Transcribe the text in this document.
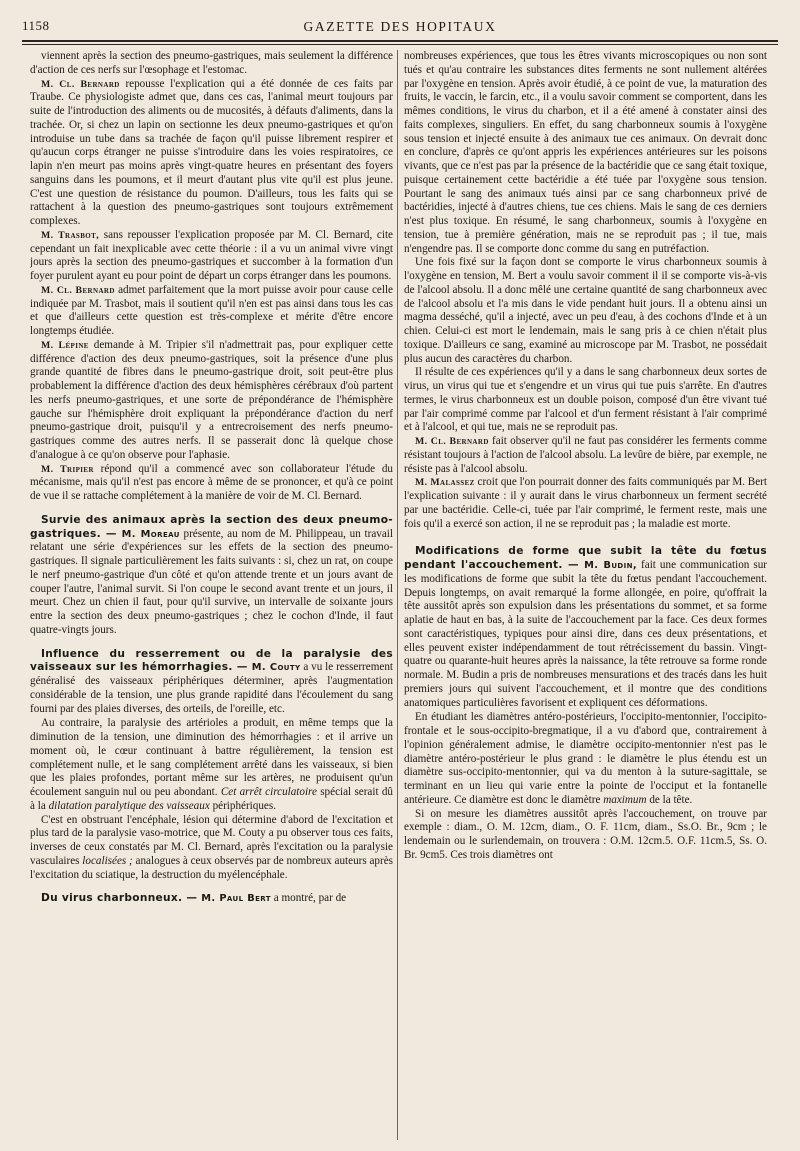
1158	GAZETTE DES HOPITAUX

viennent après la section des pneumo-gastriques, mais seulement la différence d'action de ces nerfs sur l'œsophage et l'estomac.

M. Cl. Bernard repousse l'explication qui a été donnée de ces faits par Traube. Ce physiologiste admet que, dans ces cas, l'animal meurt toujours par suite de l'introduction des aliments ou de mucosités, à défauts d'aliments, dans la trachée. Or, si chez un lapin on sectionne les deux pneumo-gastriques et qu'on introduise un tube dans sa trachée de façon qu'il puisse librement respirer et qu'aucun corps étranger ne puisse s'introduire dans les voies respiratoires, ce lapin n'en meurt pas moins après vingt-quatre heures en présentant des foyers sanguins dans les poumons, et il meurt d'autant plus vite qu'il est plus jeune. C'est une question de résistance du poumon. D'ailleurs, tous les faits qui se rattachent à la question des pneumo-gastriques sont toujours extrêmement complexes.

M. Trasbot, sans repousser l'explication proposée par M. Cl. Bernard, cite cependant un fait inexplicable avec cette théorie : il a vu un animal vivre vingt jours après la section des pneumo-gastriques et succomber à la formation d'un foyer purulent ayant eu pour point de départ un corps étranger dans les poumons.

M. Cl. Bernard admet parfaitement que la mort puisse avoir pour cause celle indiquée par M. Trasbot, mais il soutient qu'il n'en est pas ainsi dans tous les cas et que d'ailleurs cette question est très-complexe et mérite d'être encore longtemps étudiée.

M. Lépine demande à M. Tripier s'il n'admettrait pas, pour expliquer cette différence d'action des deux pneumo-gastriques, soit la présence d'une plus grande quantité de fibres dans le pneumo-gastrique droit, soit peut-être plus probablement la différence d'action des deux hémisphères cérébraux d'où partent les nerfs pneumo-gastriques, et une sorte de prépondérance de l'hémisphère gauche sur l'hémisphère droit expliquant la prépondérance d'action du nerf pneumo-gastrique droit, puisqu'il y a entrecroisement des nerfs pneumo-gastriques comme des autres nerfs. Il se passerait donc là quelque chose d'analogue à ce qu'on observe pour l'aphasie.

M. Tripier répond qu'il a commencé avec son collaborateur l'étude du mécanisme, mais qu'il n'est pas encore à même de se prononcer, et qu'à ce point de vue il se rattache complétement à la manière de voir de M. Cl. Bernard.

Survie des animaux après la section des deux pneumo-gastriques. — M. Moreau présente, au nom de M. Philippeau, un travail relatant une série d'expériences sur les effets de la section des pneumo-gastriques. Il signale particulièrement les faits suivants : si, chez un rat, on coupe le nerf pneumo-gastrique d'un côté et qu'on attende trente et un jours avant de couper l'autre, l'animal survit. Si l'on coupe le second avant trente et un jours, il meurt. Chez un chien il faut, pour qu'il survive, un intervalle de soixante jours entre la section des deux pneumo-gastriques ; chez le cochon d'Inde, il faut quatre-vingts jours.

Influence du resserrement ou de la paralysie des vaisseaux sur les hémorrhagies. — M. Couty a vu le resserrement généralisé des vaisseaux périphériques déterminer, après l'augmentation considérable de la tension, une plus grande rapidité dans l'écoulement du sang fourni par des plaies diverses, des orteils, de l'oreille, etc.

Au contraire, la paralysie des artérioles a produit, en même temps que la diminution de la tension, une diminution des hémorrhagies : et il arrive un moment où, le cœur continuant à battre régulièrement, la tension est complétement nulle, et le sang complétement arrêté dans les vaisseaux, si bien que les plaies profondes, portant même sur les artères, ne produisent qu'un écoulement sanguin nul ou peu abondant. Cet arrêt circulatoire spécial serait dû à la dilatation paralytique des vaisseaux périphériques.

C'est en obstruant l'encéphale, lésion qui détermine d'abord de l'excitation et plus tard de la paralysie vaso-motrice, que M. Couty a pu observer tous ces faits, inverses de ceux constatés par M. Cl. Bernard, après l'excitation ou la paralysie vasculaires localisées ; analogues à ceux observés par de nombreux auteurs après l'excitation du sciatique, la destruction du myélencéphale.

Du virus charbonneux. — M. Paul Bert a montré, par de

nombreuses expériences, que tous les êtres vivants microscopiques ou non sont tués et qu'au contraire les substances dites ferments ne sont nullement altérées par l'oxygène en tension. Après avoir étudié, à ce point de vue, la maturation des fruits, le vaccin, le farcin, etc., il a voulu savoir comment se comportent, dans les mêmes conditions, le virus du charbon, et il a été amené à constater ainsi des faits complexes, singuliers. En effet, du sang charbonneux soumis à l'oxygène sous tension et injecté ensuite à des animaux tue ces animaux. On devrait donc en conclure, d'après ce qu'ont appris les expériences antérieures sur les poisons vivants, que ce n'est pas par la présence de la bactéridie que ce sang était toxique, puisque certainement cette bactéridie a été tuée par l'oxygène sous tension. Pourtant le sang des animaux tués ainsi par ce sang charbonneux privé de bactéridies, injecté à d'autres chiens, tue ces chiens. Mais le sang de ces derniers n'est plus toxique. En résumé, le sang charbonneux, soumis à l'oxygène en tension, tue à première génération, mais ne se reproduit pas ; il tue, mais n'engendre pas. Il se comporte donc comme du sang en putréfaction.

Une fois fixé sur la façon dont se comporte le virus charbonneux soumis à l'oxygène en tension, M. Bert a voulu savoir comment il il se comporte vis-à-vis de l'alcool absolu. Il a donc mêlé une certaine quantité de sang charbonneux avec de l'alcool absolu et l'a mis dans le vide pendant huit jours. Il a obtenu ainsi un magma desséché, qu'il a injecté, avec un peu d'eau, à des cochons d'Inde et à un chien. Celui-ci est mort le lendemain, mais le sang pris à ce chien n'était plus toxique. D'ailleurs ce sang, examiné au microscope par M. Trasbot, ne possédait plus aucun des caractères du charbon.

Il résulte de ces expériences qu'il y a dans le sang charbonneux deux sortes de virus, un virus qui tue et s'engendre et un virus qui tue puis s'arrête. En d'autres termes, le virus charbonneux est un double poison, composé d'un être vivant tué par l'air comprimé comme par l'alcool et d'un ferment résistant à l'air comprimé et à l'alcool, et qui tue, mais ne se reproduit pas.

M. Cl. Bernard fait observer qu'il ne faut pas considérer les ferments comme résistant toujours à l'action de l'alcool absolu. La levûre de bière, par exemple, ne résiste pas à l'alcool absolu.

M. Malassez croit que l'on pourrait donner des faits communiqués par M. Bert l'explication suivante : il y aurait dans le virus charbonneux un ferment secrété par une bactéridie. Celle-ci, tuée par l'air comprimé, le ferment reste, mais une fois qu'il a exercé son action, il ne se reproduit pas ; la maladie est morte.

Modifications de forme que subit la tête du fœtus pendant l'accouchement. — M. Budin, fait une communication sur les modifications de forme que subit la tête du fœtus pendant l'accouchement. Depuis longtemps, on avait remarqué la forme allongée, en poire, qu'offrait la tête aussitôt après son expulsion dans les présentations du sommet, et sa forme aplatie de haut en bas, à la suite de l'accouchement par la face. Ces deux formes sont caractéristiques, typiques pour ainsi dire, dans ces deux présentations, et elles peuvent exister indépendamment de tout rétrécissement du bassin. Vingt-quatre ou quarante-huit heures après la naissance, la tête retrouve sa forme ronde normale. M. Budin a pris de nombreuses mensurations et des tracés dans les huit premiers jours qui suivent l'accouchement, et il montre que des conditions anatomiques particulières favorisent et expliquent ces déformations.

En étudiant les diamètres antéro-postérieurs, l'occipito-mentonnier, l'occipito-frontale et le sous-occipito-bregmatique, il a vu d'abord que, contrairement à l'opinion généralement admise, le diamètre occipito-mentonnier n'est pas le diamètre antéro-postérieur le plus grand : le diamètre le plus étendu est un diamètre sus-occipito-mentonnier, qui va du menton à la suture-sagittale, se terminant en un lieu qui varie entre la pointe de l'occiput et la fontanelle antérieure. Ce diamètre est donc le diamètre maximum de la tête.

Si on mesure les diamètres aussitôt après l'accouchement, on trouve par exemple : diam., O. M. 12cm, diam., O. F. 11cm, diam., Ss.O. Br., 9cm ; le lendemain ou le surlendemain, on trouvera : O.M. 12cm.5. O.F. 11cm.5, Ss. O. Br. 9cm5. Ces trois diamètres ont
